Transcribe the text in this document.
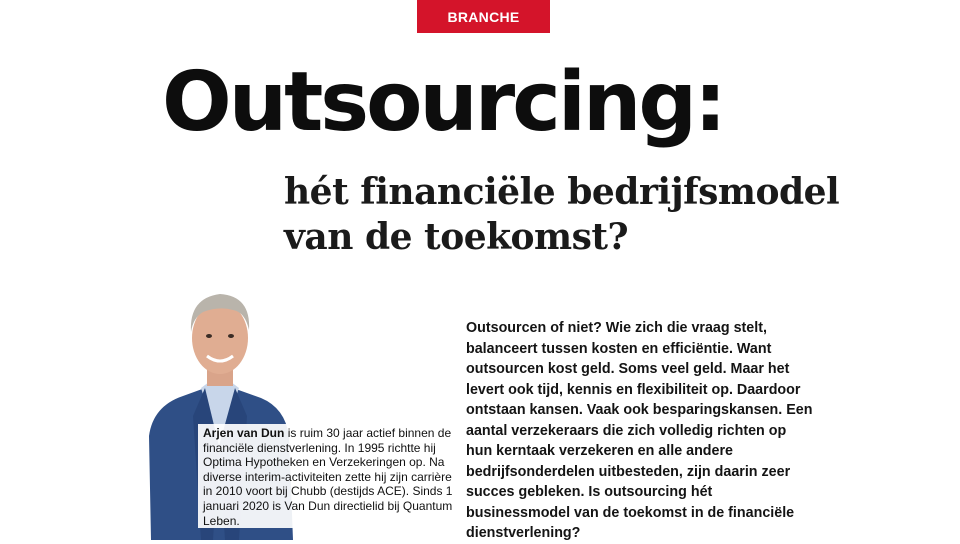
BRANCHE
Outsourcing:
hét financiële bedrijfsmodel
van de toekomst?
Arjen van Dun is ruim 30 jaar actief binnen de financiële dienstverlening. In 1995 richtte hij Optima Hypotheken en Verzekeringen op. Na diverse interim-activiteiten zette hij zijn carrière in 2010 voort bij Chubb (destijds ACE). Sinds 1 januari 2020 is Van Dun directielid bij Quantum Leben.

Outsourcen of niet? Wie zich die vraag stelt, balanceert tussen kosten en efficiëntie. Want outsourcen kost geld. Soms veel geld. Maar het levert ook tijd, kennis en flexibiliteit op. Daardoor ontstaan kansen. Vaak ook besparingskansen. Een aantal verzekeraars die zich volledig richten op hun kerntaak verzekeren en alle andere bedrijfsonderdelen uitbesteden, zijn daarin zeer succes gebleken. Is outsourcing hét businessmodel van de toekomst in de financiële dienstverlening?
